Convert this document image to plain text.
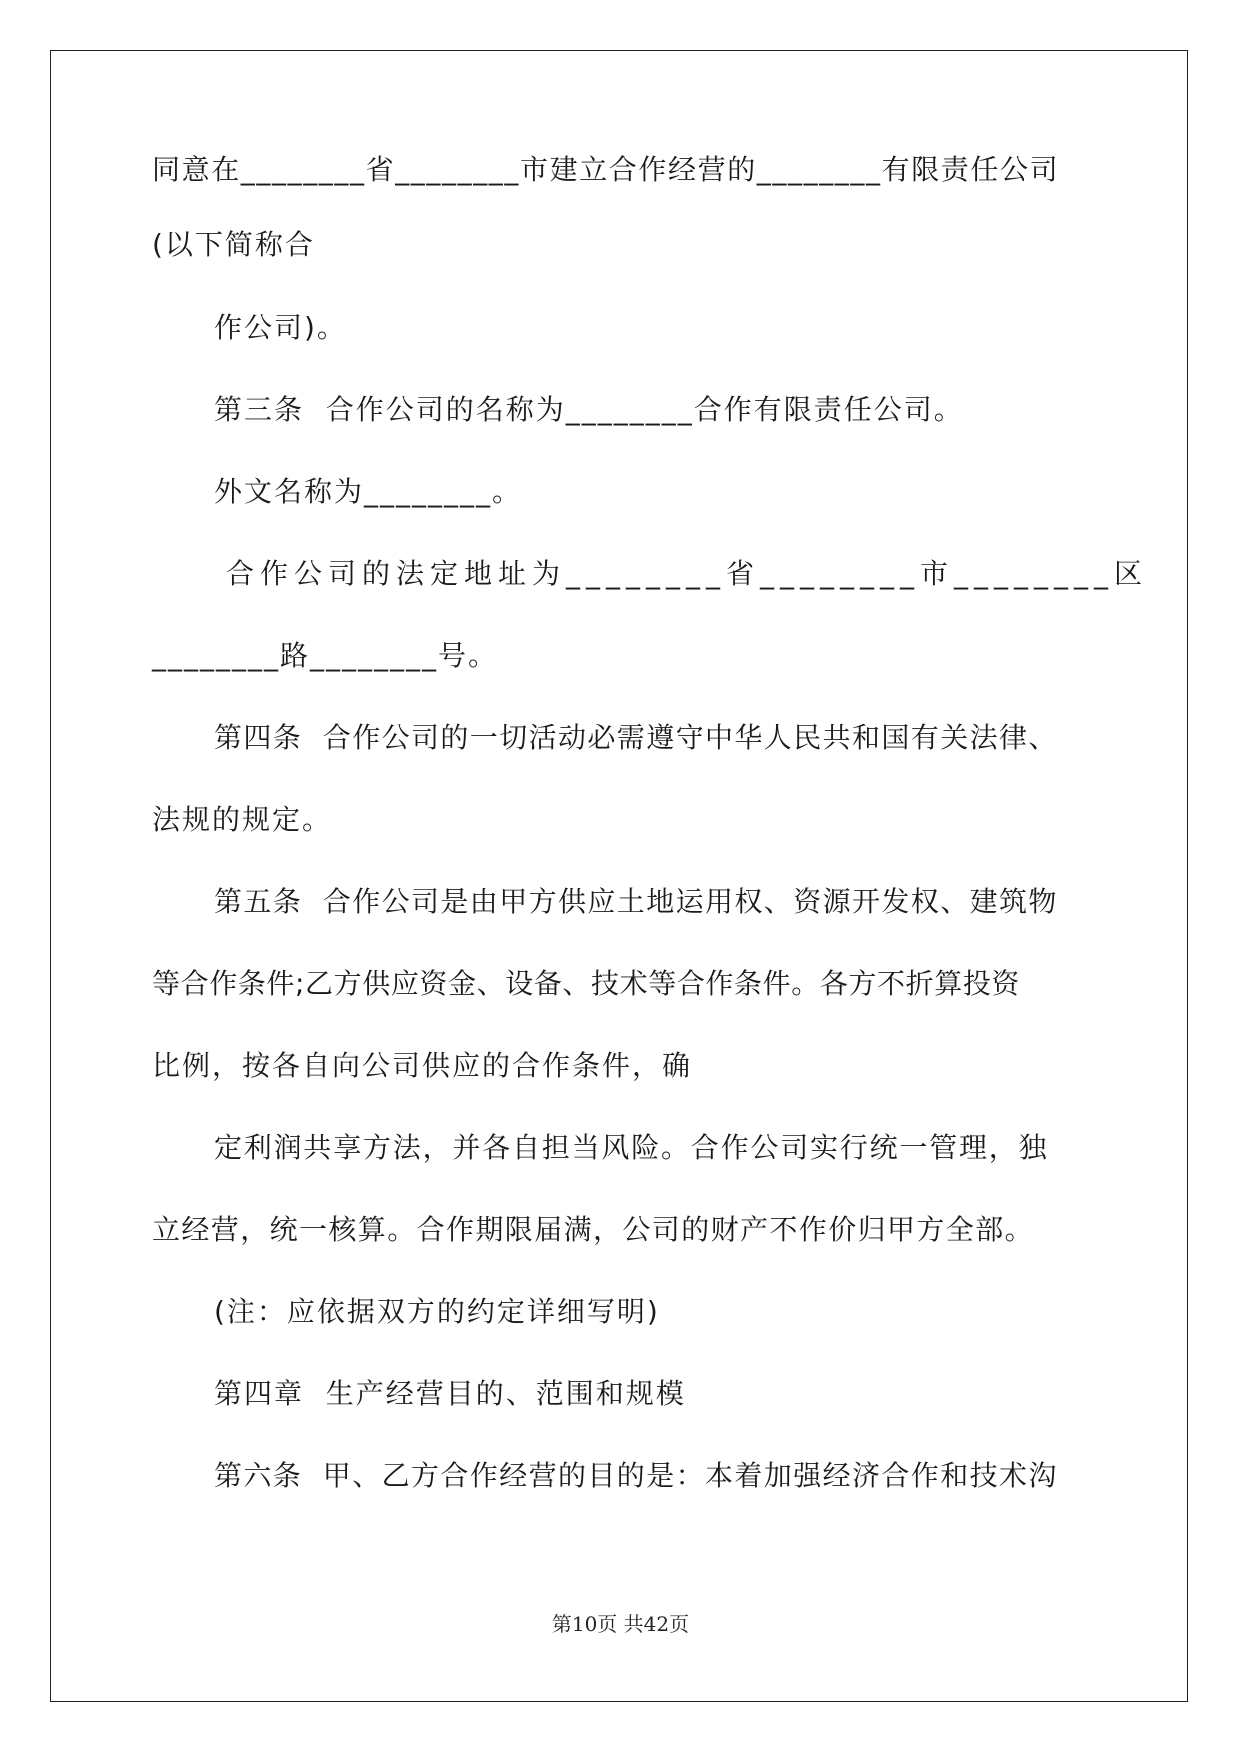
同意在________省________市建立合作经营的________有限责任公司
(以下简称合
作公司)。
第三条  合作公司的名称为________合作有限责任公司。
外文名称为________。
合作公司的法定地址为________省________市________区
________路________号。
第四条  合作公司的一切活动必需遵守中华人民共和国有关法律、
法规的规定。
第五条  合作公司是由甲方供应土地运用权、资源开发权、建筑物
等合作条件;乙方供应资金、设备、技术等合作条件。各方不折算投资
比例，按各自向公司供应的合作条件，确
定利润共享方法，并各自担当风险。合作公司实行统一管理，独
立经营，统一核算。合作期限届满，公司的财产不作价归甲方全部。
(注：应依据双方的约定详细写明)
第四章  生产经营目的、范围和规模
第六条  甲、乙方合作经营的目的是：本着加强经济合作和技术沟
第10页 共42页
